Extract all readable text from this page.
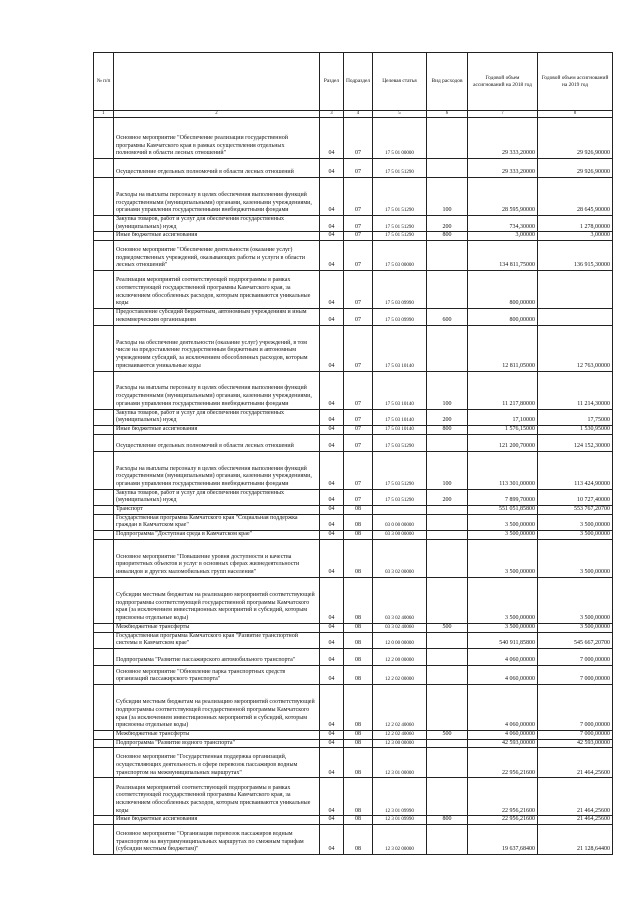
№ п/п		Раздел	Подраздел	Целевая статья	Вид расходов	Годовой объем ассигнований на 2018 год	Годовой объем ассигнований на 2019 год
1	2	3	4	5	6	7	8
	Основное мероприятие "Обеспечение реализации государственной программы Камчатского края в рамках осуществления отдельных полномочий в области лесных отношений"	04	07	17 5 01 00000		29 333,20000	29 926,90000
	Осуществление отдельных полномочий в области лесных отношений	04	07	17 5 01 51290		29 333,20000	29 926,90000
	Расходы на выплаты персоналу в целях обеспечения выполнения функций государственными (муниципальными) органами, казенными учреждениями, органами управления государственными внебюджетными фондами	04	07	17 5 01 51290	100	28 595,90000	28 645,90000
	Закупка товаров, работ и услуг для обеспечения государственных (муниципальных) нужд	04	07	17 5 01 51290	200	734,30000	1 278,00000
	Иные бюджетные ассигнования	04	07	17 5 01 51290	800	3,00000	3,00000
	Основное мероприятие "Обеспечение деятельности (оказание услуг) подведомственных учреждений, оказывающих работы и услуги в области лесных отношений"	04	07	17 5 03 00000		134 811,75000	136 915,30000
	Реализация мероприятий соответствующей подпрограммы в рамках соответствующей государственной программы Камчатского края, за исключением обособленных расходов, которым присваиваются уникальные коды	04	07	17 5 03 09990		800,00000	
	Предоставление субсидий бюджетным, автономным учреждениям и иным некоммерческим организациям	04	07	17 5 03 09990	600	800,00000	
	Расходы на обеспечение деятельности (оказание услуг) учреждений, в том числе на предоставление государственным бюджетным и автономным учреждениям субсидий, за исключением обособленных расходов, которым присваиваются уникальные коды	04	07	17 5 03 10140		12 811,05000	12 763,00000
	Расходы на выплаты персоналу в целях обеспечения выполнения функций государственными (муниципальными) органами, казенными учреждениями, органами управления государственными внебюджетными фондами	04	07	17 5 03 10140	100	11 217,80000	11 214,30000
	Закупка товаров, работ и услуг для обеспечения государственных (муниципальных) нужд	04	07	17 5 03 10140	200	17,10000	17,75000
	Иные бюджетные ассигнования	04	07	17 5 03 10140	800	1 576,15000	1 530,95000
	Осуществление отдельных полномочий в области лесных отношений	04	07	17 5 03 51290		121 200,70000	124 152,30000
	Расходы на выплаты персоналу в целях обеспечения выполнения функций государственными (муниципальными) органами, казенными учреждениями, органами управления государственными внебюджетными фондами	04	07	17 5 03 51290	100	113 301,00000	113 424,90000
	Закупка товаров, работ и услуг для обеспечения государственных (муниципальных) нужд	04	07	17 5 03 51290	200	7 899,70000	10 727,40000
	Транспорт	04	08			551 051,85800	553 767,20700
	Государственная программа Камчатского края "Социальная поддержка граждан в Камчатском крае"	04	08	03 0 00 00000		3 500,00000	3 500,00000
	Подпрограмма "Доступная среда в Камчатском крае"	04	08	03 3 00 00000		3 500,00000	3 500,00000
	Основное мероприятие "Повышение уровня доступности и качества приоритетных объектов и услуг в основных сферах жизнедеятельности инвалидов и других маломобильных групп населения"	04	08	03 3 02 00000		3 500,00000	3 500,00000
	Субсидии местным бюджетам на реализацию мероприятий соответствующей подпрограммы соответствующей государственной программы Камчатского края (за исключением инвестиционных мероприятий и субсидий, которым присвоены отдельные коды)	04	08	03 3 02 40060		3 500,00000	3 500,00000
	Межбюджетные трансферты	04	08	03 3 02 40060	500	3 500,00000	3 500,00000
	Государственная программа Камчатского края "Развитие транспортной системы в Камчатском крае"	04	08	12 0 00 00000		540 911,85800	545 667,20700
	Подпрограмма "Развитие пассажирского автомобильного транспорта"	04	08	12 2 00 00000		4 060,00000	7 000,00000
	Основное мероприятие "Обновление парка транспортных средств организаций пассажирского транспорта"	04	08	12 2 02 00000		4 060,00000	7 000,00000
	Субсидии местным бюджетам на реализацию мероприятий соответствующей подпрограммы соответствующей государственной программы Камчатского края (за исключением инвестиционных мероприятий и субсидий, которым присвоены отдельные коды)	04	08	12 2 02 40060		4 060,00000	7 000,00000
	Межбюджетные трансферты	04	08	12 2 02 40060	500	4 060,00000	7 000,00000
	Подпрограмма "Развитие водного транспорта"	04	08	12 3 00 00000		42 593,00000	42 593,00000
	Основное мероприятие "Государственная поддержка организаций, осуществляющих деятельность в сфере перевозок пассажиров водным транспортом на межмуниципальных маршрутах"	04	08	12 3 01 00000		22 956,21600	21 464,25600
	Реализация мероприятий соответствующей подпрограммы в рамках соответствующей государственной программы Камчатского края, за исключением обособленных расходов, которым присваиваются уникальные коды	04	08	12 3 01 09990		22 956,21600	21 464,25600
	Иные бюджетные ассигнования	04	08	12 3 01 09990	800	22 956,21600	21 464,25600
	Основное мероприятие "Организация перевозок пассажиров водным транспортом на внутримуниципальных маршрутах по смежным тарифам (субсидии местным бюджетам)"	04	08	12 3 02 00000		19 637,68400	21 128,64400
